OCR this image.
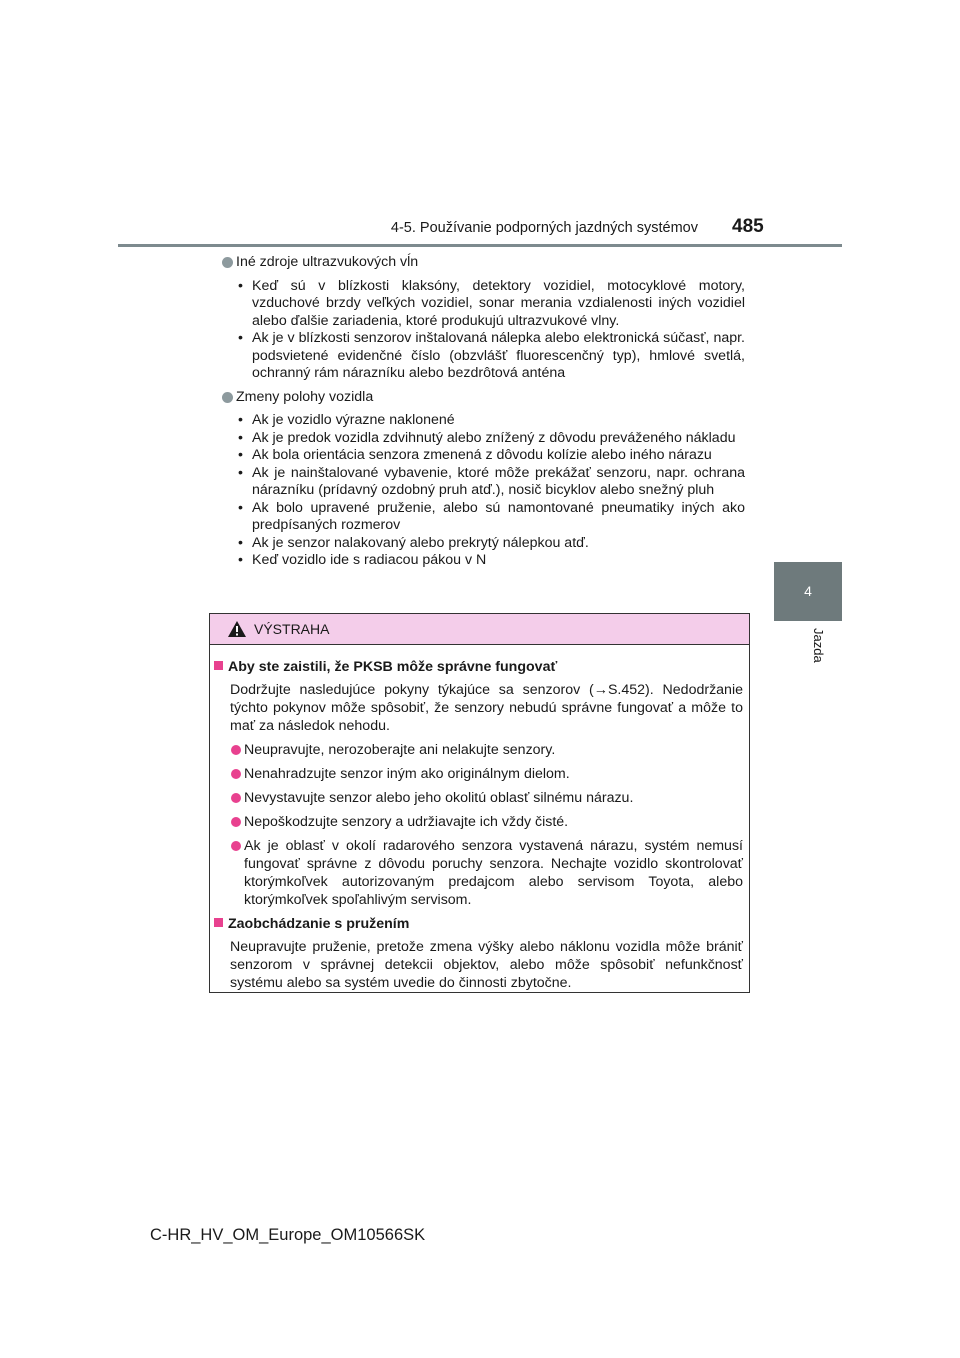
4-5. Používanie podporných jazdných systémov 485
4
Jazda
Iné zdroje ultrazvukových vĺn

• Keď sú v blízkosti klaksóny, detektory vozidiel, motocyklové motory, vzduchové brzdy veľkých vozidiel, sonar merania vzdialenosti iných vozidiel alebo ďalšie zariadenia, ktoré produkujú ultrazvukové vlny.

• Ak je v blízkosti senzorov inštalovaná nálepka alebo elektronická súčasť, napr. podsvietené evidenčné číslo (obzvlášť fluorescenčný typ), hmlové svetlá, ochranný rám nárazníku alebo bezdrôtová anténa

Zmeny polohy vozidla

• Ak je vozidlo výrazne naklonené

• Ak je predok vozidla zdvihnutý alebo znížený z dôvodu preváženého nákladu

• Ak bola orientácia senzora zmenená z dôvodu kolízie alebo iného nárazu

• Ak je nainštalované vybavenie, ktoré môže prekážať senzoru, napr. ochrana nárazníku (prídavný ozdobný pruh atď.), nosič bicyklov alebo snežný pluh

• Ak bolo upravené pruženie, alebo sú namontované pneumatiky iných ako predpísaných rozmerov

• Ak je senzor nalakovaný alebo prekrytý nálepkou atď.

• Keď vozidlo ide s radiacou pákou v N

VÝSTRAHA
Aby ste zaistili, že PKSB môže správne fungovať

Dodržujte nasledujúce pokyny týkajúce sa senzorov (→S.452). Nedodržanie týchto pokynov môže spôsobiť, že senzory nebudú správne fungovať a môže to mať za následok nehodu.

Neupravujte, nerozoberajte ani nelakujte senzory.

Nenahradzujte senzor iným ako originálnym dielom.

Nevystavujte senzor alebo jeho okolitú oblasť silnému nárazu.

Nepoškodzujte senzory a udržiavajte ich vždy čisté.

Ak je oblasť v okolí radarového senzora vystavená nárazu, systém nemusí fungovať správne z dôvodu poruchy senzora. Nechajte vozidlo skontrolovať ktorýmkoľvek autorizovaným predajcom alebo servisom Toyota, alebo ktorýmkoľvek spoľahlivým servisom.

Zaobchádzanie s pružením

Neupravujte pruženie, pretože zmena výšky alebo náklonu vozidla môže brániť senzorom v správnej detekcii objektov, alebo môže spôsobiť nefunkčnosť systému alebo sa systém uvedie do činnosti zbytočne.

C-HR_HV_OM_Europe_OM10566SK
